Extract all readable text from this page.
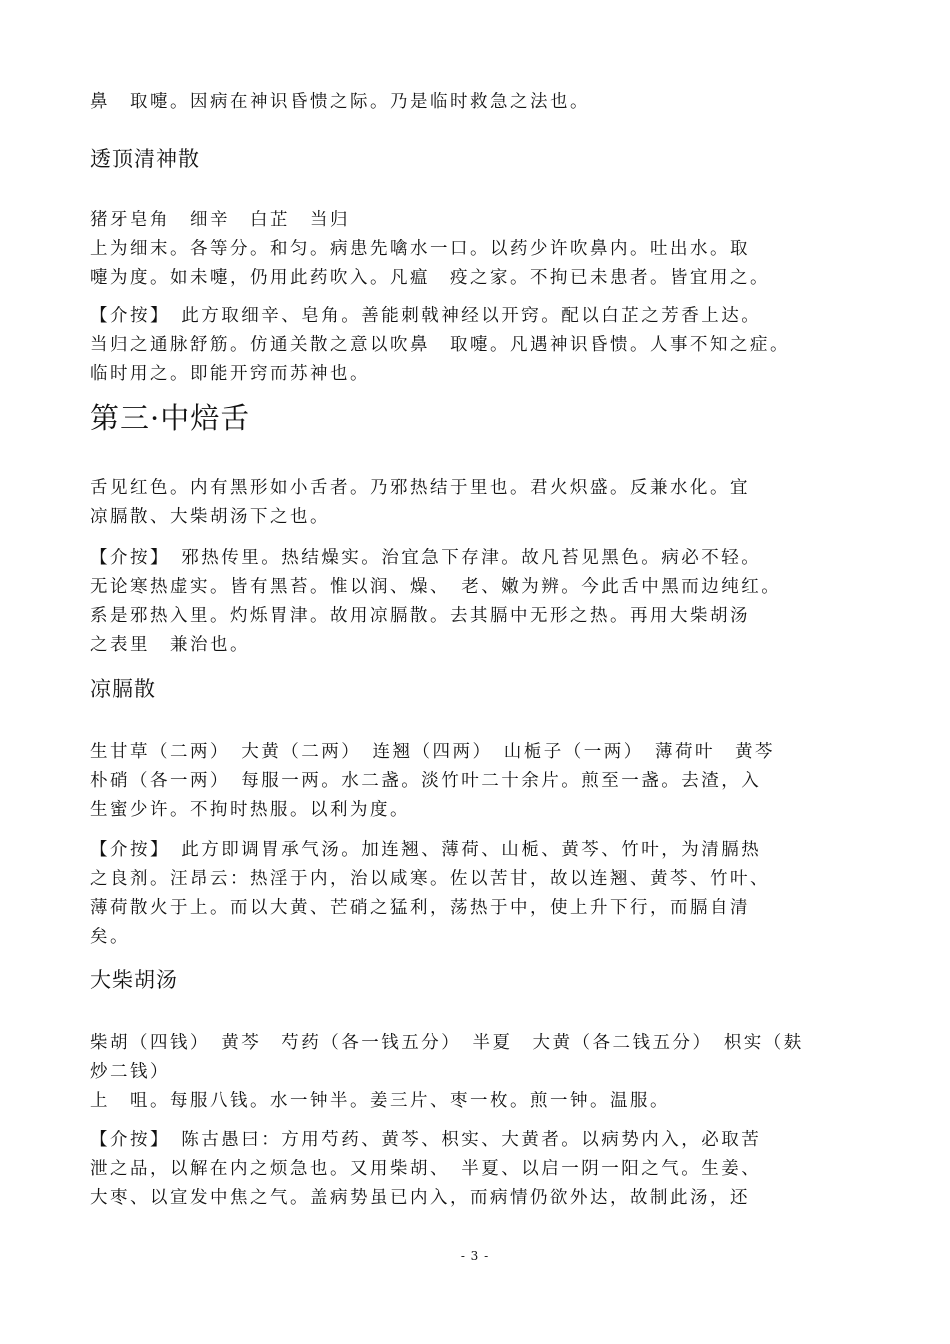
鼻　取嚏。因病在神识昏愦之际。乃是临时救急之法也。

透顶清神散

猪牙皂角　细辛　白芷　当归
上为细末。各等分。和匀。病患先噙水一口。以药少许吹鼻内。吐出水。取
嚏为度。如未嚏，仍用此药吹入。凡瘟　疫之家。不拘已未患者。皆宜用之。

【介按】　此方取细辛、皂角。善能刺戟神经以开窍。配以白芷之芳香上达。
当归之通脉舒筋。仿通关散之意以吹鼻　取嚏。凡遇神识昏愦。人事不知之症。
临时用之。即能开窍而苏神也。

第三·中焙舌

舌见红色。内有黑形如小舌者。乃邪热结于里也。君火炽盛。反兼水化。宜
凉膈散、大柴胡汤下之也。

【介按】　邪热传里。热结燥实。治宜急下存津。故凡苔见黑色。病必不轻。
无论寒热虚实。皆有黑苔。惟以润、燥、　老、嫩为辨。今此舌中黑而边纯红。
系是邪热入里。灼烁胃津。故用凉膈散。去其膈中无形之热。再用大柴胡汤
之表里　兼治也。

凉膈散

生甘草（二两）　大黄（二两）　连翘（四两）　山栀子（一两）　薄荷叶　黄芩
朴硝（各一两）　每服一两。水二盏。淡竹叶二十余片。煎至一盏。去渣，入
生蜜少许。不拘时热服。以利为度。

【介按】　此方即调胃承气汤。加连翘、薄荷、山栀、黄芩、竹叶，为清膈热
之良剂。汪昂云：热淫于内，治以咸寒。佐以苦甘，故以连翘、黄芩、竹叶、
薄荷散火于上。而以大黄、芒硝之猛利，荡热于中，使上升下行，而膈自清
矣。

大柴胡汤

柴胡（四钱）　黄芩　芍药（各一钱五分）　半夏　大黄（各二钱五分）　枳实（麸
炒二钱）
上　咀。每服八钱。水一钟半。姜三片、枣一枚。煎一钟。温服。

【介按】　陈古愚曰：方用芍药、黄芩、枳实、大黄者。以病势内入，必取苦
泄之品，以解在内之烦急也。又用柴胡、　半夏、以启一阴一阳之气。生姜、
大枣、以宣发中焦之气。盖病势虽已内入，而病情仍欲外达，故制此汤，还

- 3 -
